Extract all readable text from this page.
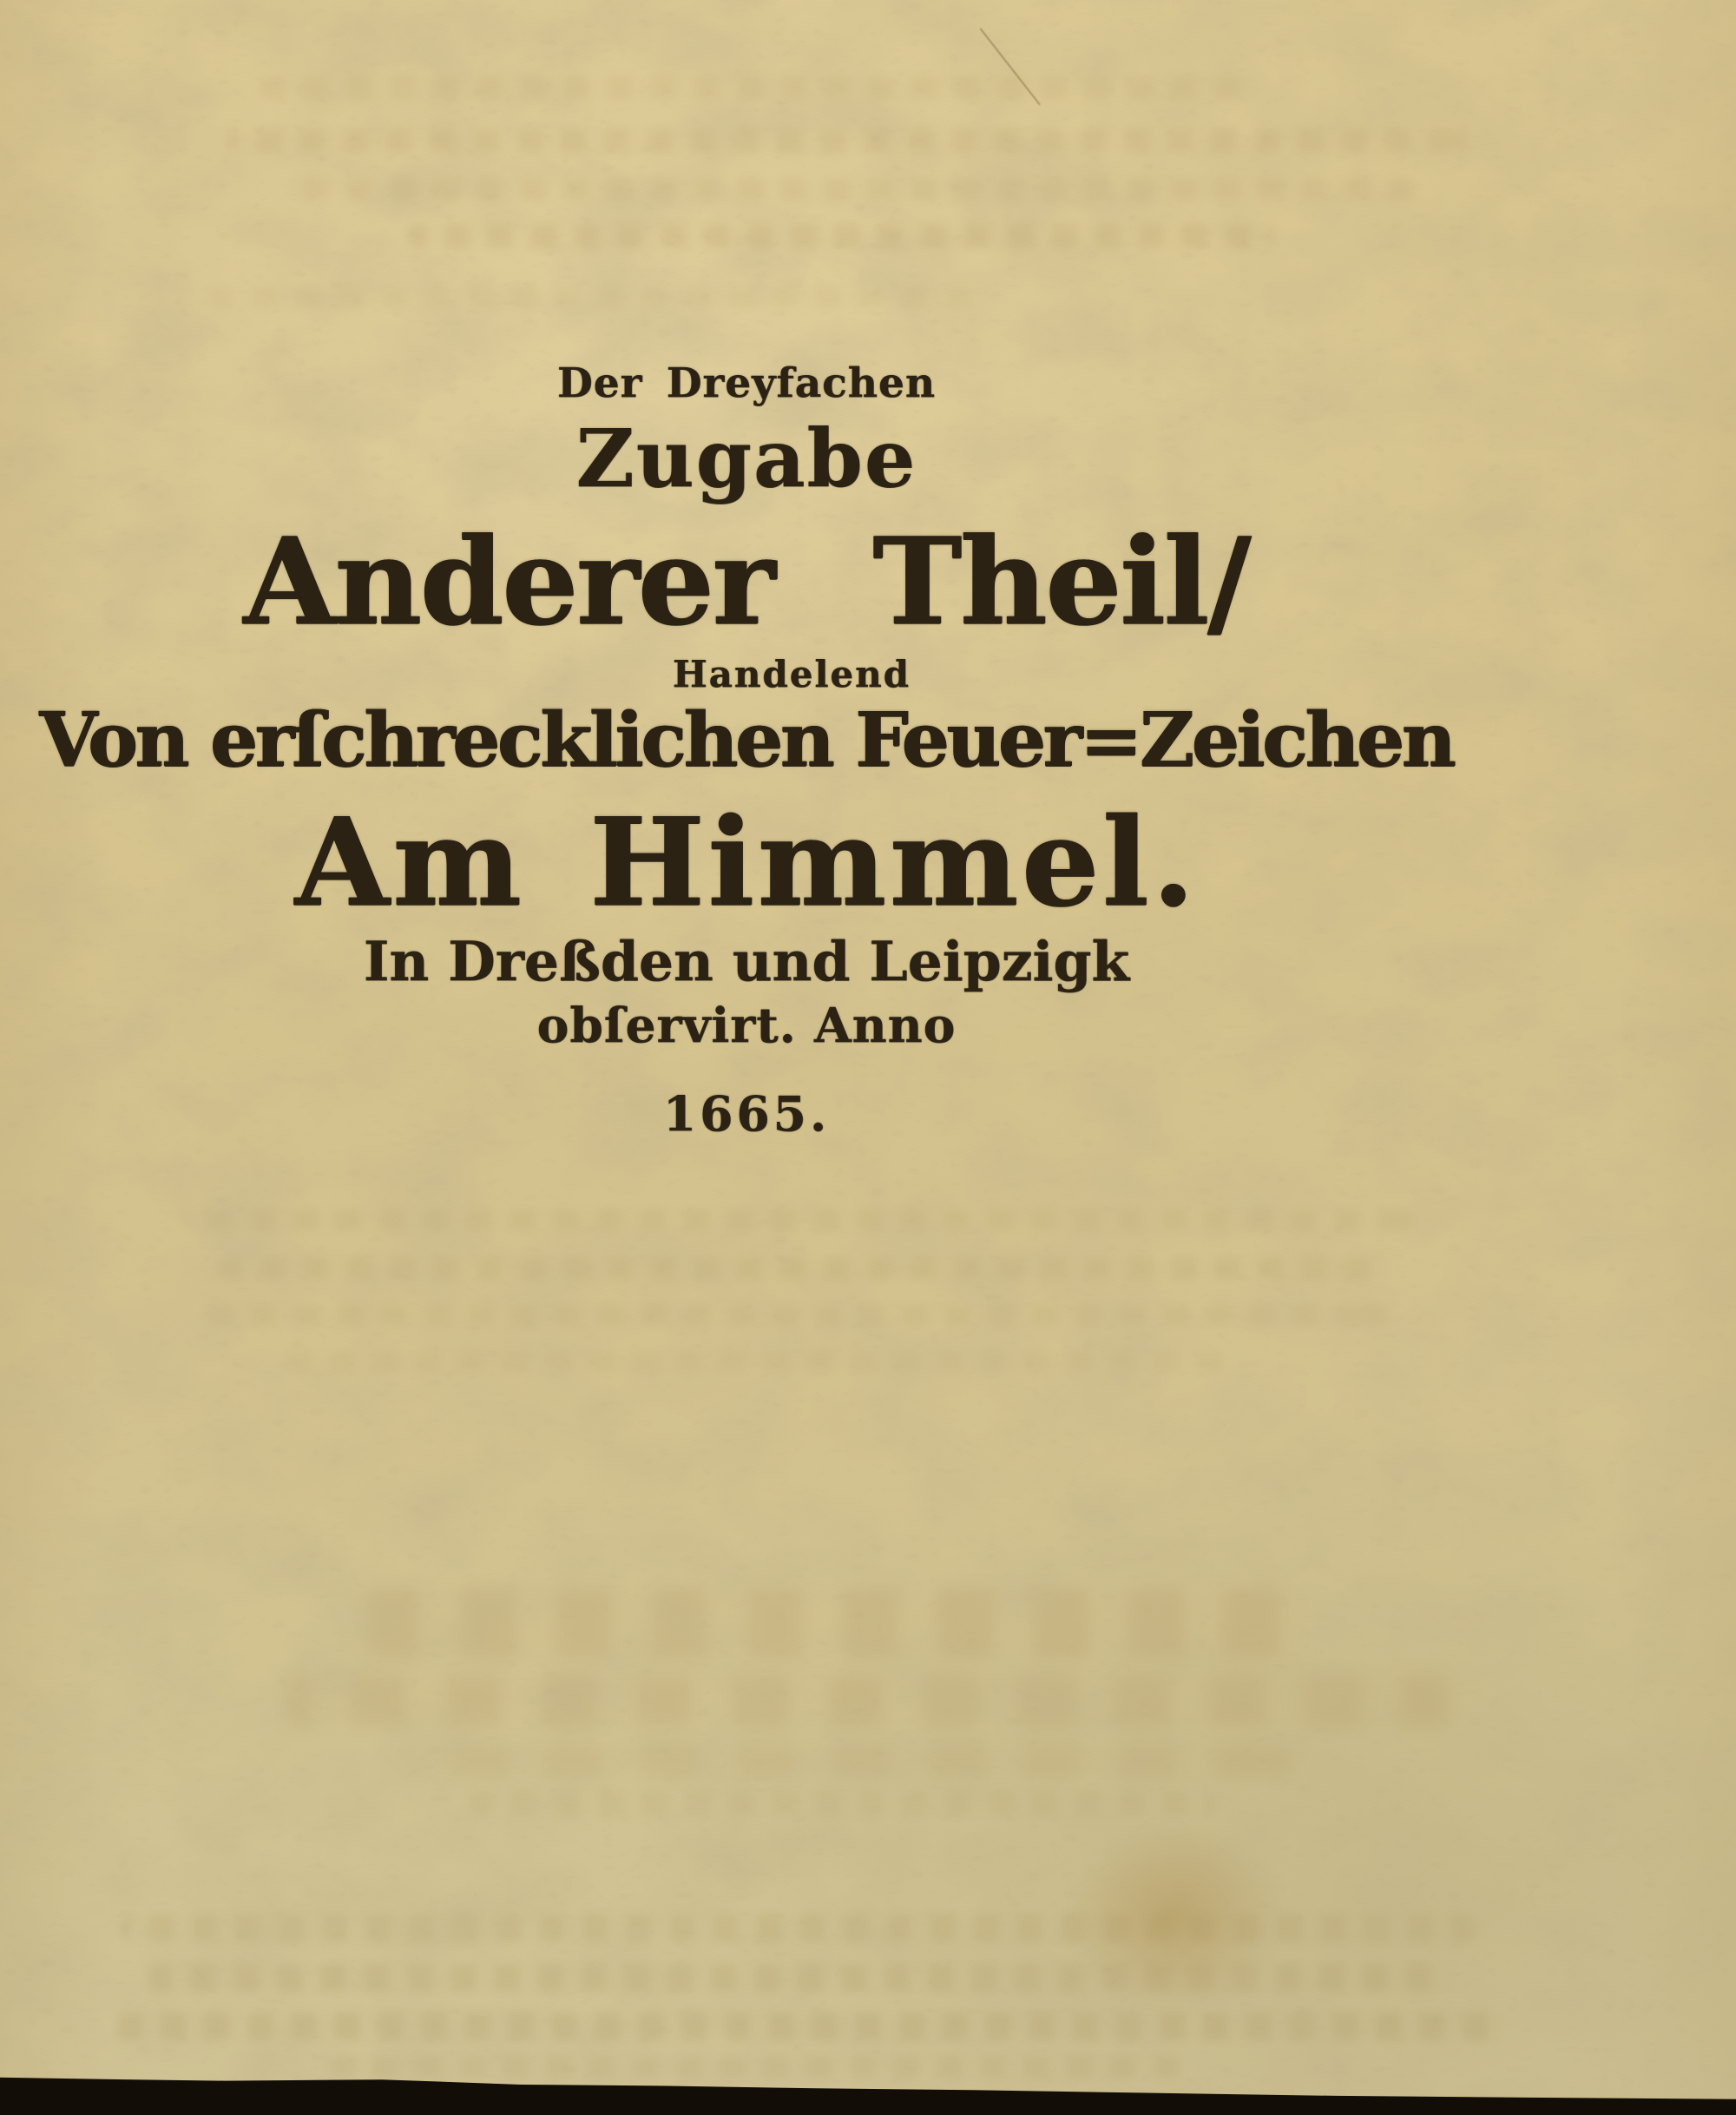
Der Dreyfachen
Zugabe
Anderer Theil/
Handelend
Von erſchrecklichen Feuer=Zeichen
Am Himmel.
In Dreßden und Leipzigk
obſervirt. Anno
1665.
